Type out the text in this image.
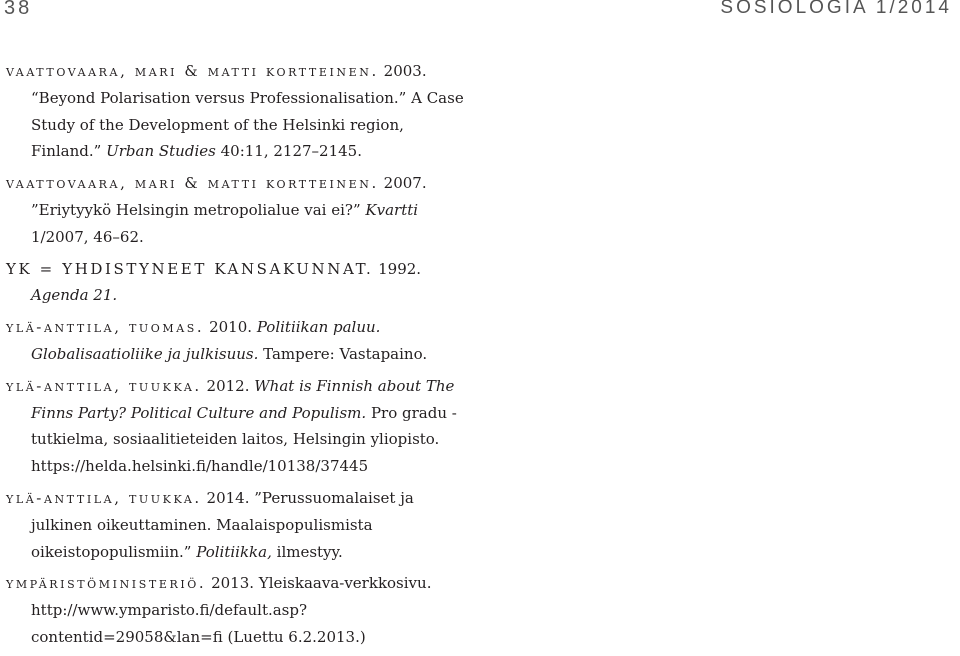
38	SOSIOLOGIA 1/2014

vaattovaara, mari & matti kortteinen. 2003. “Beyond Polarisation versus Professionalisation.” A Case Study of the Development of the Helsinki region, Finland.” Urban Studies 40:11, 2127–2145.

vaattovaara, mari & matti kortteinen. 2007. ”Eriytyykö Helsingin metropolialue vai ei?” Kvartti 1/2007, 46–62.

YK = YHDISTYNEET KANSAKUNNAT. 1992. Agenda 21.

ylä-anttila, tuomas. 2010. Politiikan paluu. Globalisaatioliike ja julkisuus. Tampere: Vastapaino.

ylä-anttila, tuukka. 2012. What is Finnish about The Finns Party? Political Culture and Populism. Pro gradu -tutkielma, sosiaalitieteiden laitos, Helsingin yliopisto. https://helda.helsinki.fi/handle/10138/37445

ylä-anttila, tuukka. 2014. ”Perussuomalaiset ja julkinen oikeuttaminen. Maalaispopulismista oikeistopopulismiin.” Politiikka, ilmestyy.

ympäristöministeriö. 2013. Yleiskaava-verkkosivu. http://www.ymparisto.fi/default.asp?contentid=29058&lan=fi (Luettu 6.2.2013.)
